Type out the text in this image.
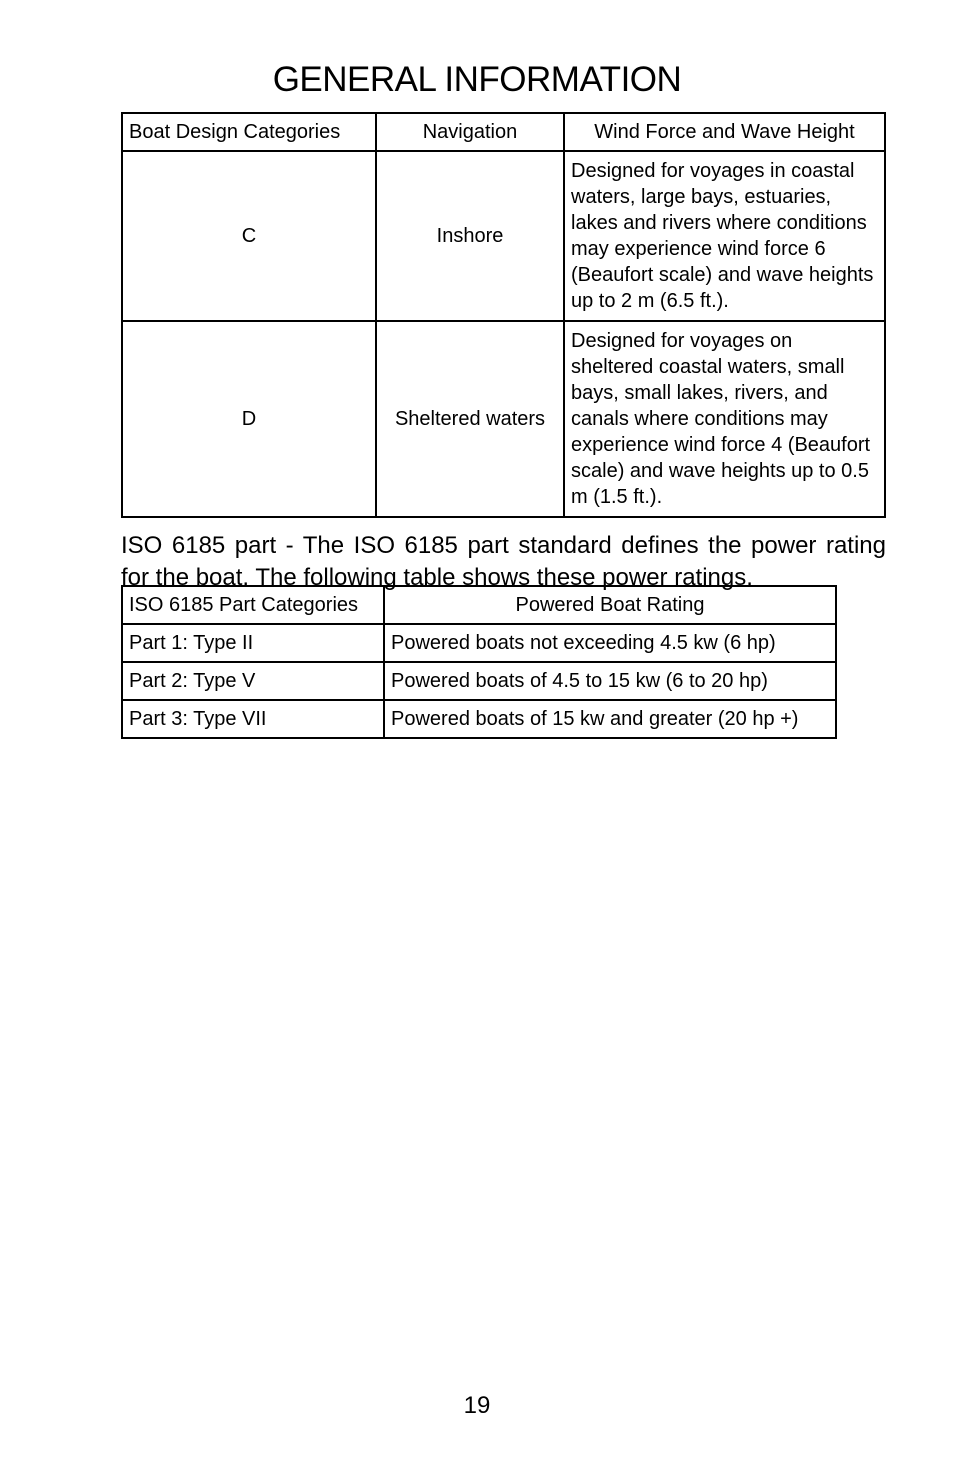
GENERAL INFORMATION
Boat Design Categories	Navigation	Wind Force and Wave Height
C	Inshore	Designed for voyages in coastal waters, large bays, estuaries, lakes and rivers where conditions may experience wind force 6 (Beaufort scale) and wave heights up to 2 m (6.5 ft.).
D	Sheltered waters	Designed for voyages on sheltered coastal waters, small bays, small lakes, rivers, and canals where conditions may experience wind force 4 (Beaufort scale) and wave heights up to 0.5 m (1.5 ft.).

ISO 6185 part - The ISO 6185 part standard defines the power rating for the boat. The following table shows these power ratings.

ISO 6185 Part Categories	Powered Boat Rating
Part 1: Type II	Powered boats not exceeding 4.5 kw (6 hp)
Part 2: Type V	Powered boats of 4.5 to 15 kw (6 to 20 hp)
Part 3: Type VII	Powered boats of 15 kw and greater (20 hp +)
19
